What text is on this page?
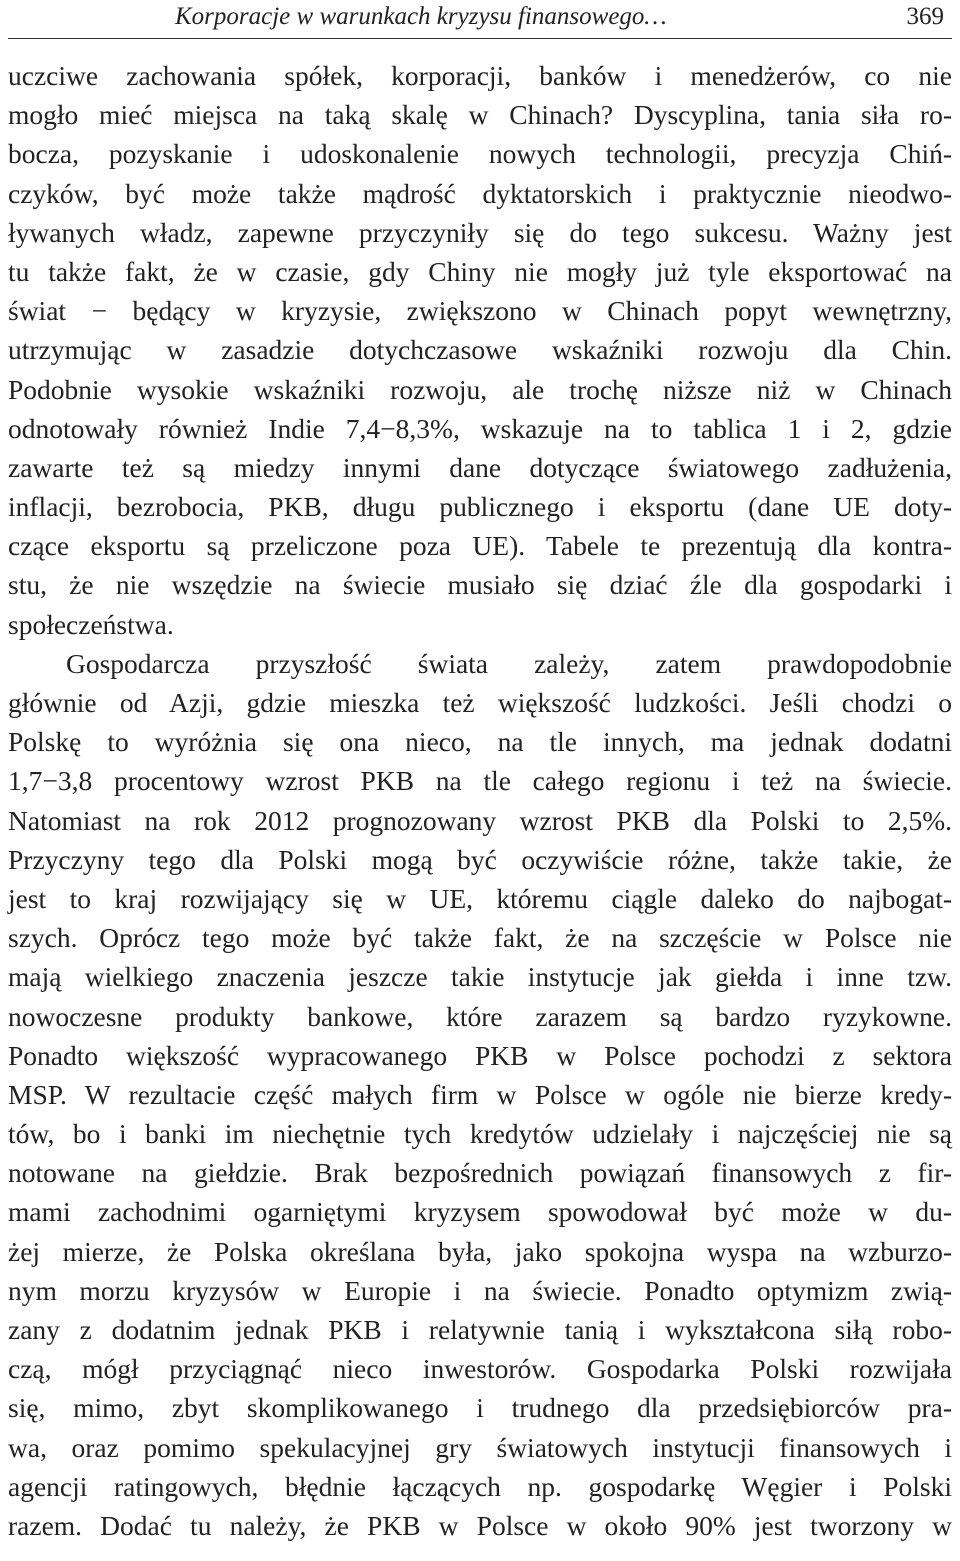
Korporacje w warunkach kryzysu finansowego…	369
uczciwe zachowania spółek, korporacji, banków i menedżerów, co nie
mogło mieć miejsca na taką skalę w Chinach? Dyscyplina, tania siła ro-
bocza, pozyskanie i udoskonalenie nowych technologii, precyzja Chiń-
czyków, być może także mądrość dyktatorskich i praktycznie nieodwo-
ływanych władz, zapewne przyczyniły się do tego sukcesu. Ważny jest
tu także fakt, że w czasie, gdy Chiny nie mogły już tyle eksportować na
świat − będący w kryzysie, zwiększono w Chinach popyt wewnętrzny,
utrzymując w zasadzie dotychczasowe wskaźniki rozwoju dla Chin.
Podobnie wysokie wskaźniki rozwoju, ale trochę niższe niż w Chinach
odnotowały również Indie 7,4−8,3%, wskazuje na to tablica 1 i 2, gdzie
zawarte też są miedzy innymi dane dotyczące światowego zadłużenia,
inflacji, bezrobocia, PKB, długu publicznego i eksportu (dane UE doty-
czące eksportu są przeliczone poza UE). Tabele te prezentują dla kontra-
stu, że nie wszędzie na świecie musiało się dziać źle dla gospodarki i
społeczeństwa.
Gospodarcza przyszłość świata zależy, zatem prawdopodobnie
głównie od Azji, gdzie mieszka też większość ludzkości. Jeśli chodzi o
Polskę to wyróżnia się ona nieco, na tle innych, ma jednak dodatni
1,7−3,8 procentowy wzrost PKB na tle całego regionu i też na świecie.
Natomiast na rok 2012 prognozowany wzrost PKB dla Polski to 2,5%.
Przyczyny tego dla Polski mogą być oczywiście różne, także takie, że
jest to kraj rozwijający się w UE, któremu ciągle daleko do najbogat-
szych. Oprócz tego może być także fakt, że na szczęście w Polsce nie
mają wielkiego znaczenia jeszcze takie instytucje jak giełda i inne tzw.
nowoczesne produkty bankowe, które zarazem są bardzo ryzykowne.
Ponadto większość wypracowanego PKB w Polsce pochodzi z sektora
MSP. W rezultacie część małych firm w Polsce w ogóle nie bierze kredy-
tów, bo i banki im niechętnie tych kredytów udzielały i najczęściej nie są
notowane na giełdzie. Brak bezpośrednich powiązań finansowych z fir-
mami zachodnimi ogarniętymi kryzysem spowodował być może w du-
żej mierze, że Polska określana była, jako spokojna wyspa na wzburzo-
nym morzu kryzysów w Europie i na świecie. Ponadto optymizm zwią-
zany z dodatnim jednak PKB i relatywnie tanią i wykształcona siłą robo-
czą, mógł przyciągnąć nieco inwestorów. Gospodarka Polski rozwijała
się, mimo, zbyt skomplikowanego i trudnego dla przedsiębiorców pra-
wa, oraz pomimo spekulacyjnej gry światowych instytucji finansowych i
agencji ratingowych, błędnie łączących np. gospodarkę Węgier i Polski
razem. Dodać tu należy, że PKB w Polsce w około 90% jest tworzony w
